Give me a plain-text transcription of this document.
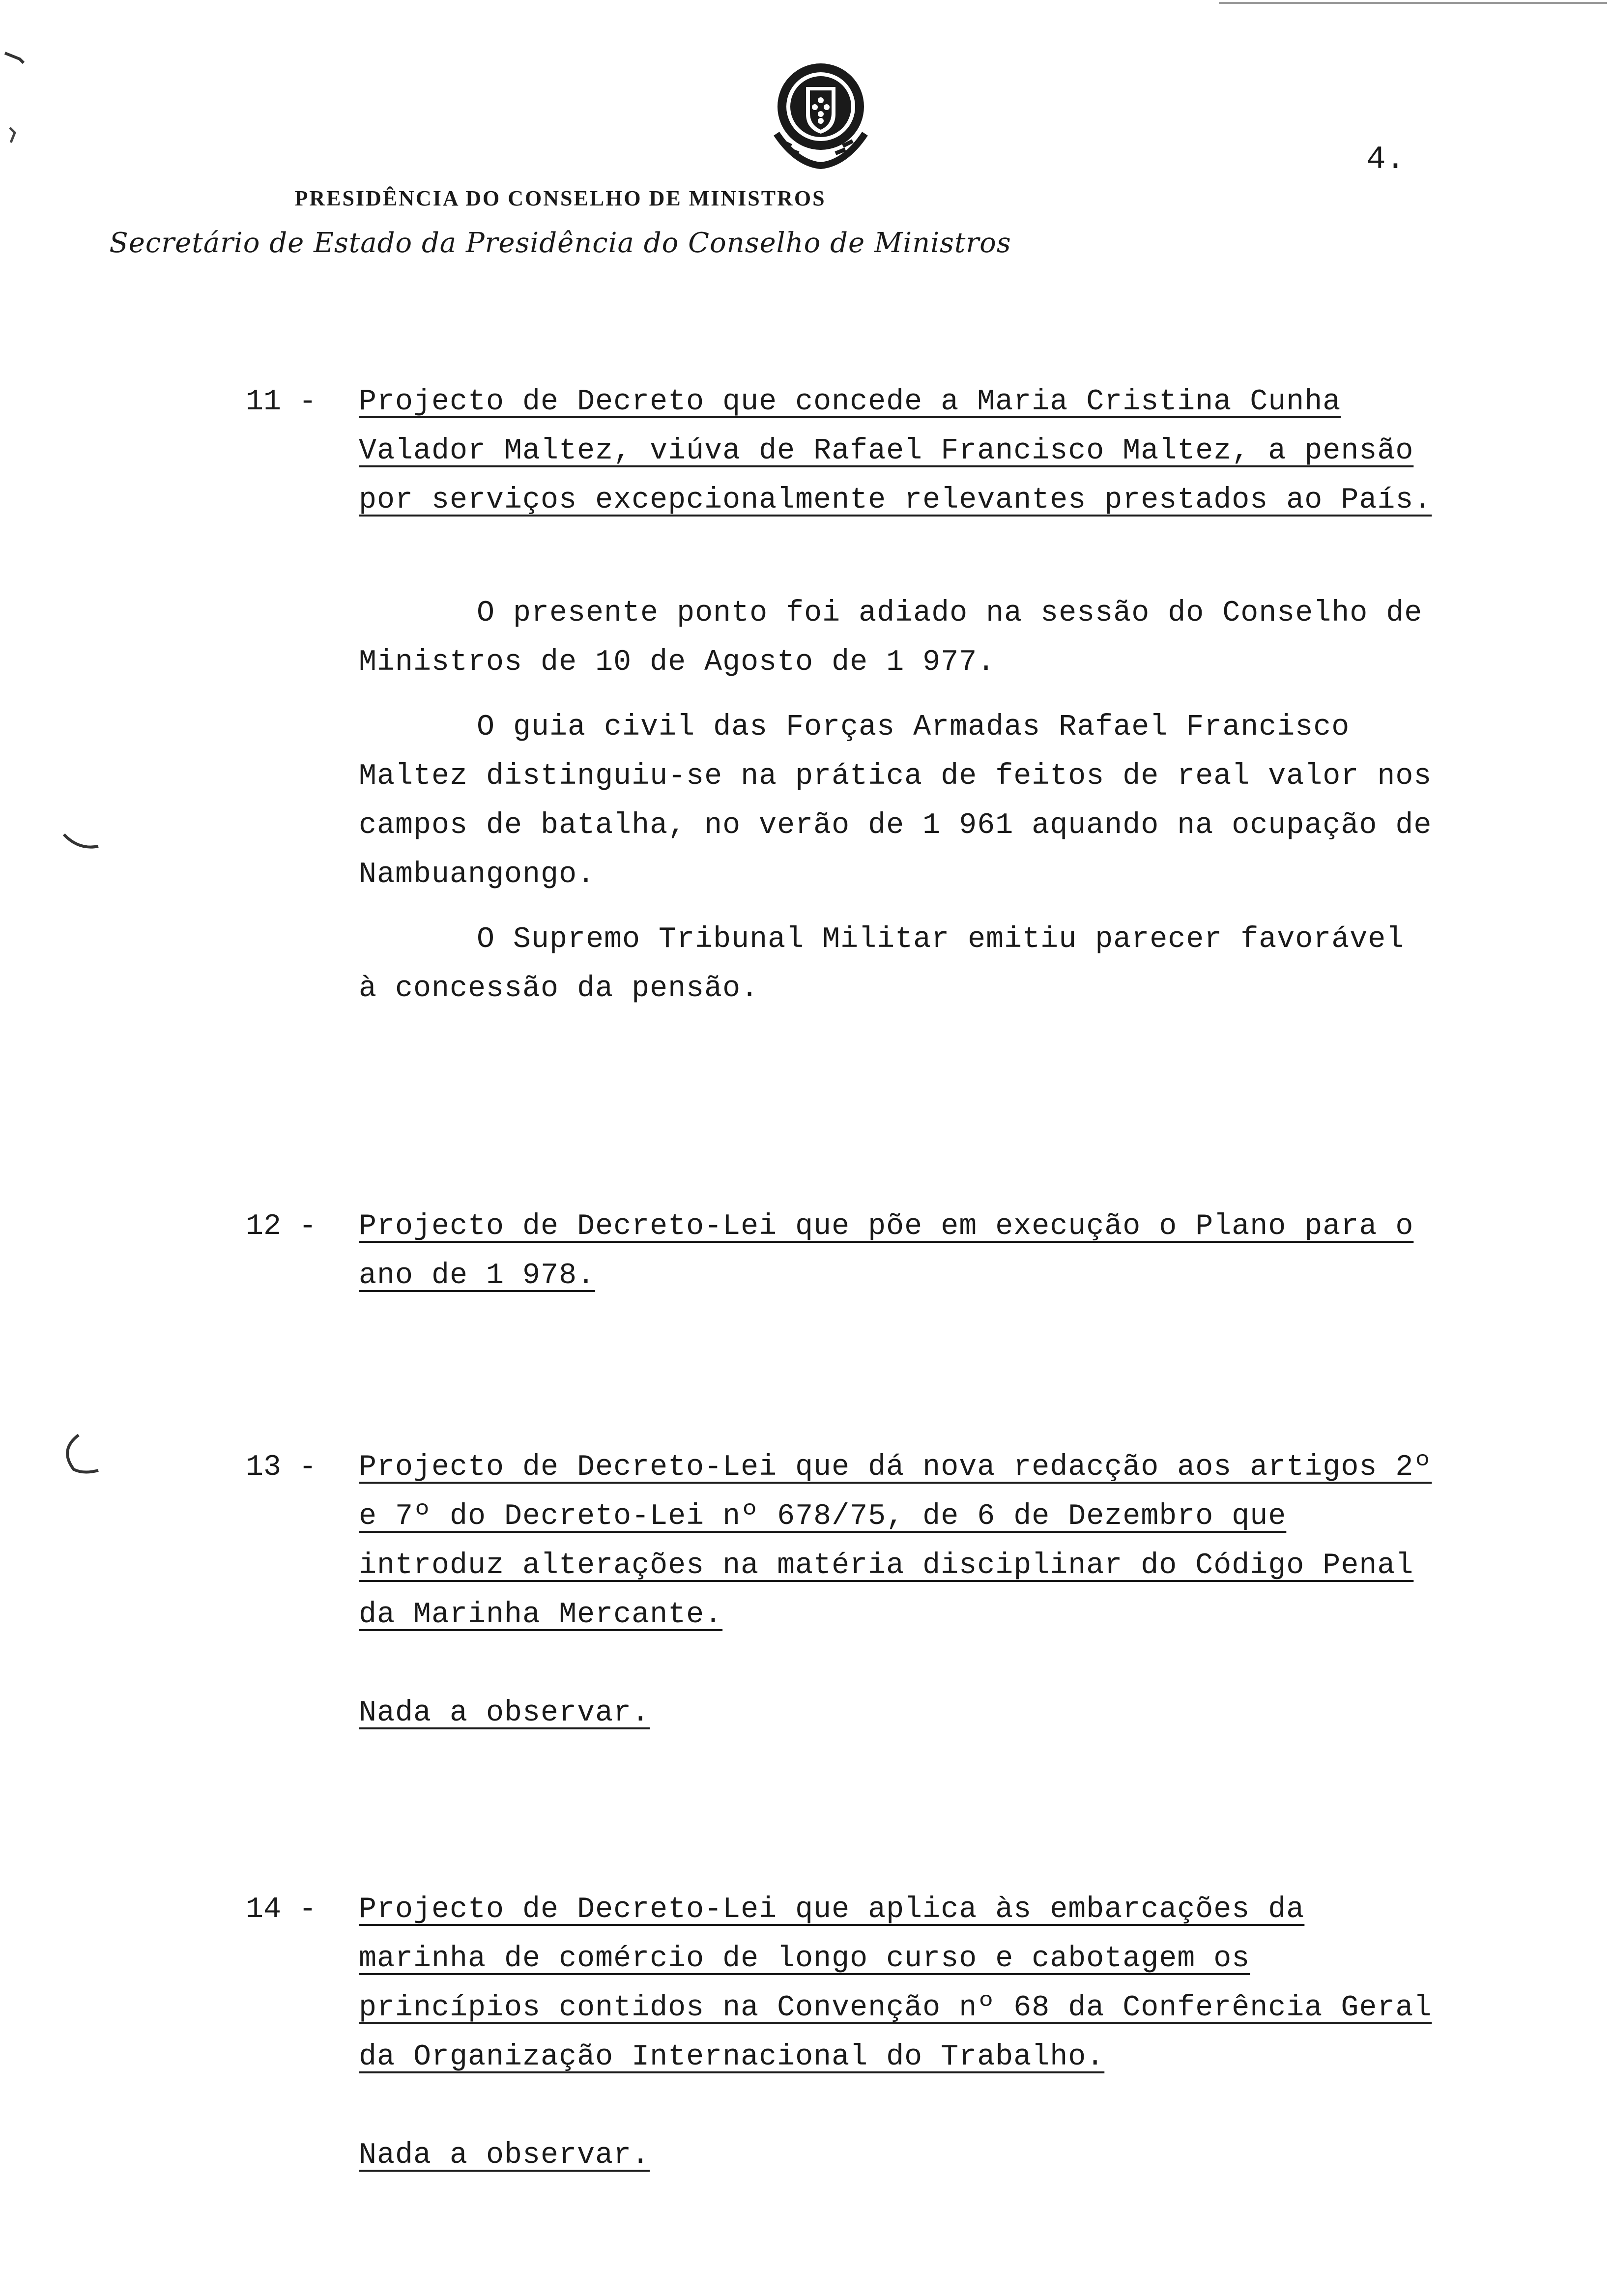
4.
PRESIDÊNCIA DO CONSELHO DE MINISTROS
Secretário de Estado da Presidência do Conselho de Ministros
11 - Projecto de Decreto que concede a Maria Cristina Cunha Valador Maltez, viúva de Rafael Francisco Maltez, a pensão por serviços excepcionalmente relevantes prestados ao País.

O presente ponto foi adiado na sessão do Conselho de Ministros de 10 de Agosto de 1 977.

O guia civil das Forças Armadas Rafael Francisco Maltez distinguiu-se na prática de feitos de real valor nos campos de batalha, no verão de 1 961 aquando na ocupação de Nambuangongo.

O Supremo Tribunal Militar emitiu parecer favorável à concessão da pensão.

12 - Projecto de Decreto-Lei que põe em execução o Plano para o ano de 1 978.

13 - Projecto de Decreto-Lei que dá nova redacção aos artigos 2º e 7º do Decreto-Lei nº 678/75, de 6 de Dezembro que introduz alterações na matéria disciplinar do Código Penal da Marinha Mercante.

Nada a observar.

14 - Projecto de Decreto-Lei que aplica às embarcações da marinha de comércio de longo curso e cabotagem os princípios contidos na Convenção nº 68 da Conferência Geral da Organização Internacional do Trabalho.

Nada a observar.
